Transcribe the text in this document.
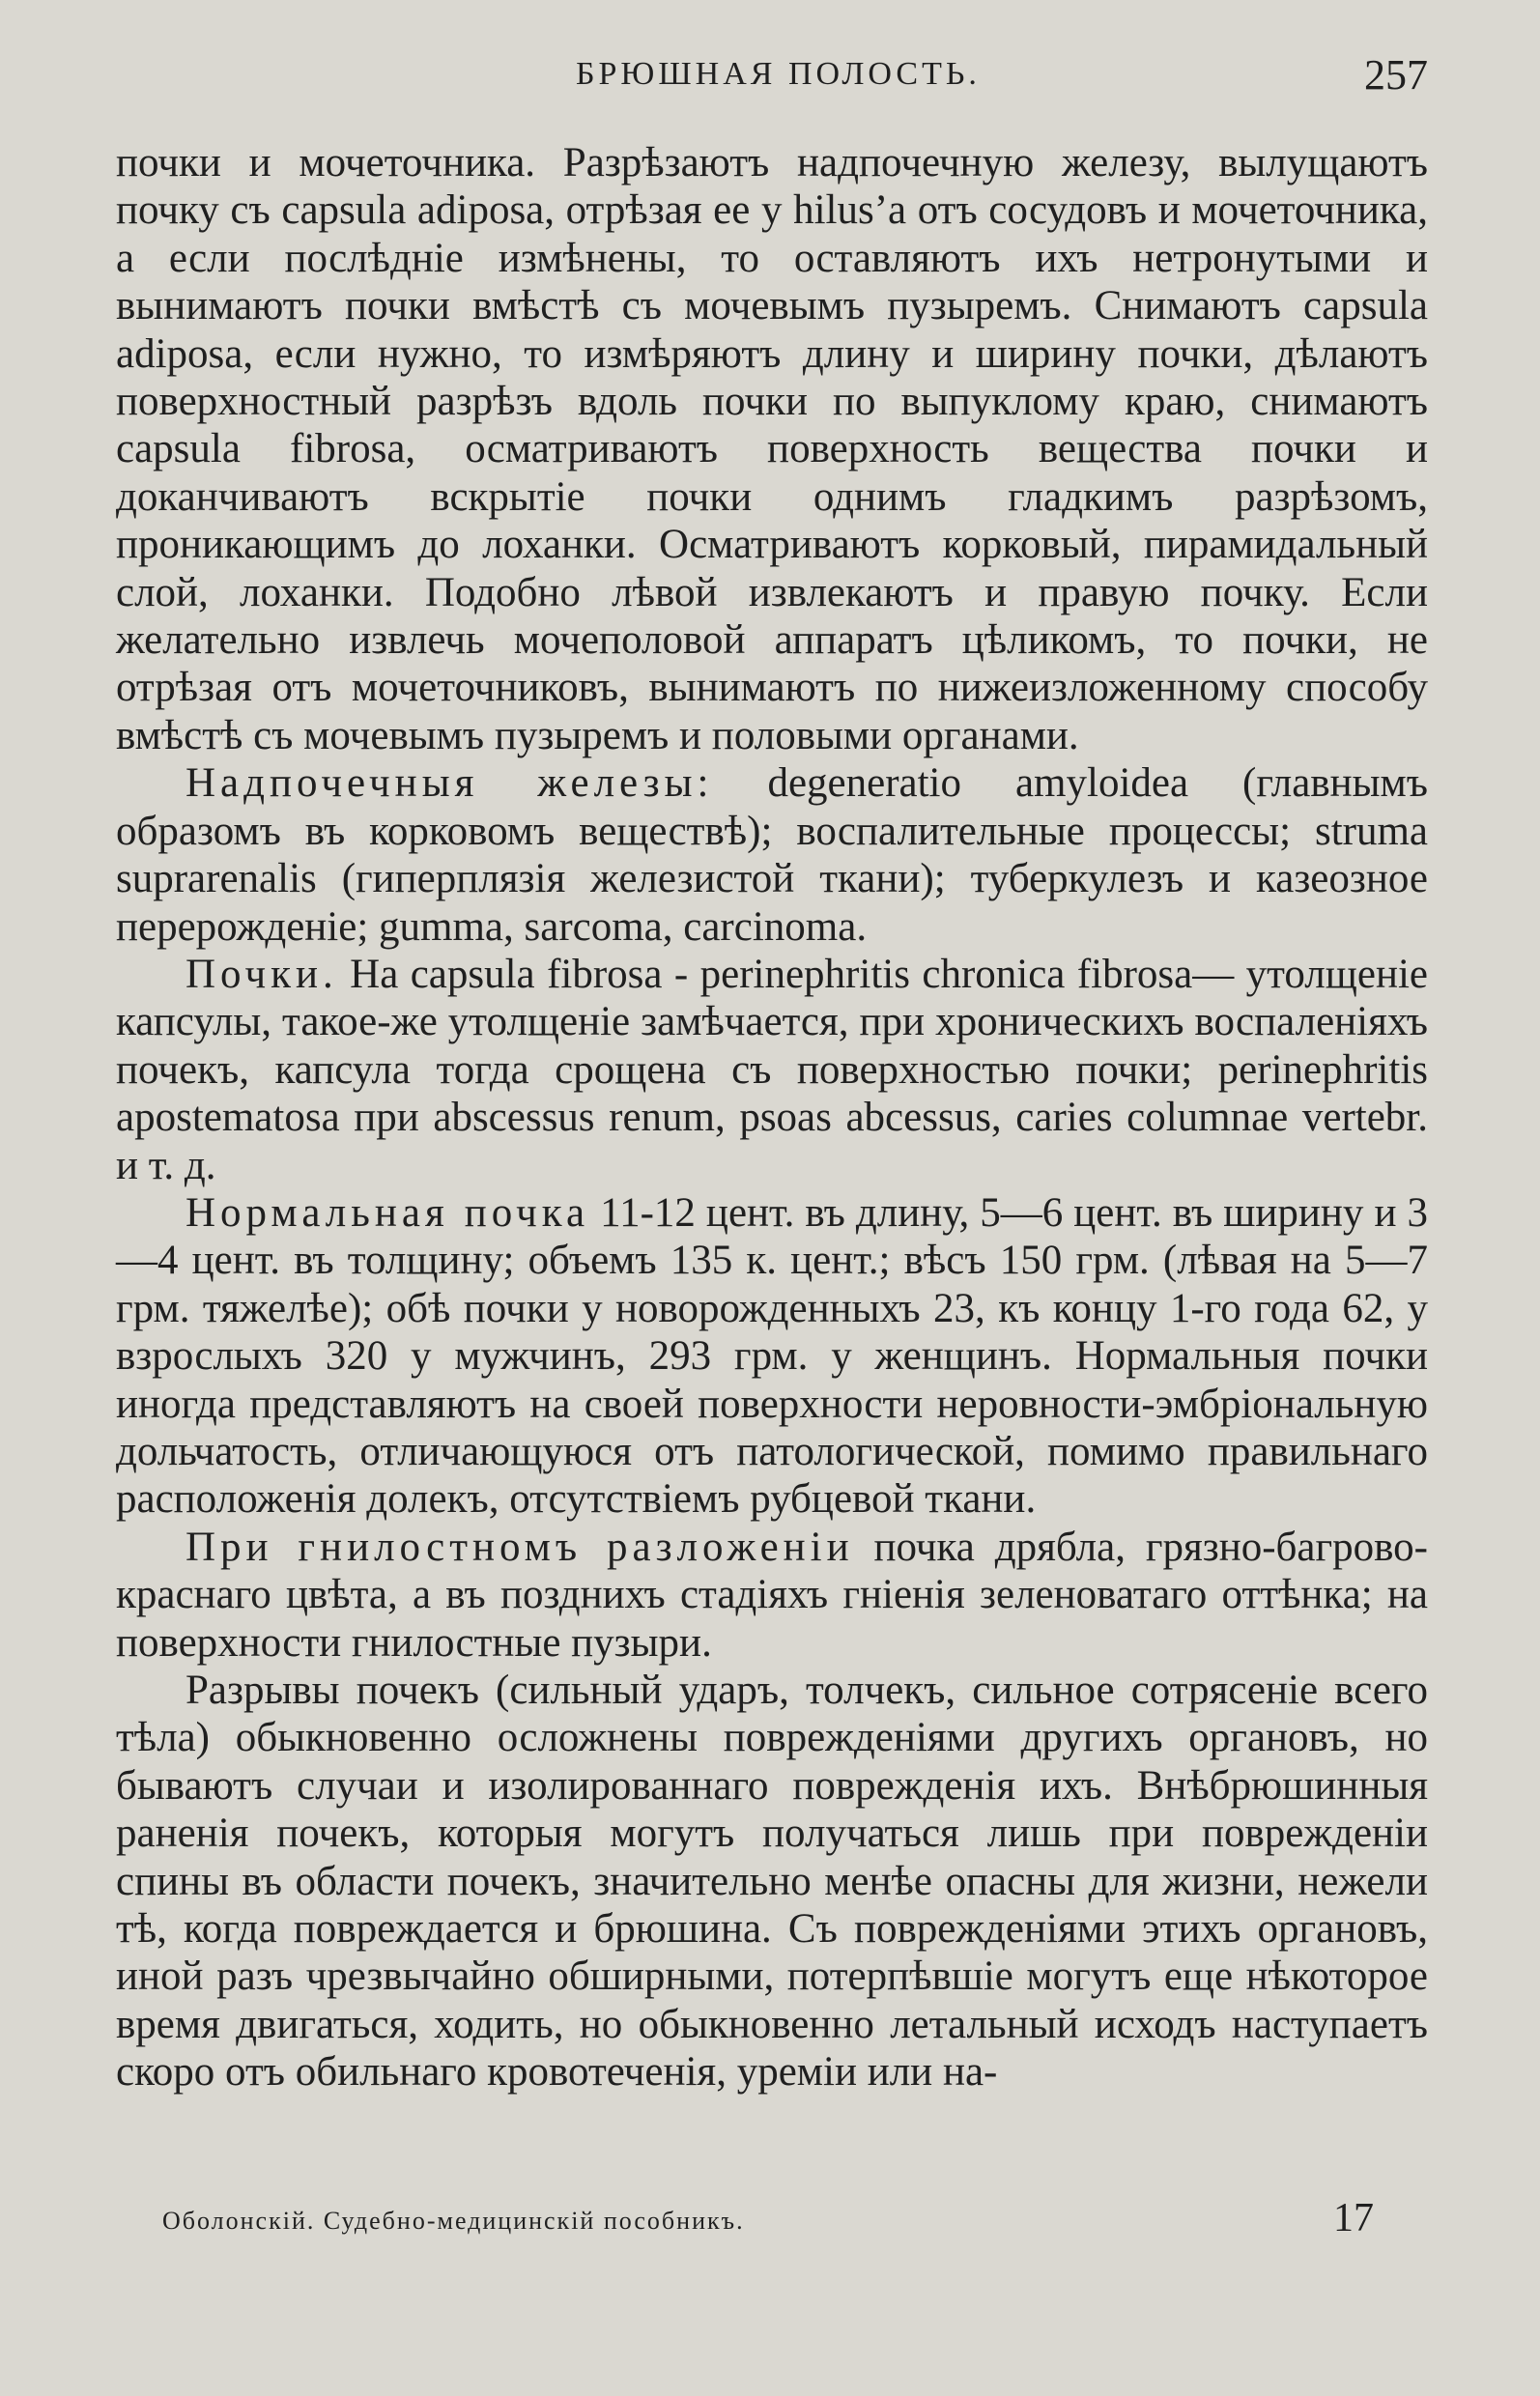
БРЮШНАЯ ПОЛОСТЬ.	257

почки и мочеточника. Разрѣзаютъ надпочечную железу, вылущаютъ почку съ capsula adiposa, отрѣзая ее у hilus’а отъ сосудовъ и мочеточника, а если послѣдніе измѣнены, то оставляютъ ихъ нетронутыми и вынимаютъ почки вмѣстѣ съ мочевымъ пузыремъ. Снимаютъ capsula adiposa, если нужно, то измѣряютъ длину и ширину почки, дѣлаютъ поверхностный разрѣзъ вдоль почки по выпуклому краю, снимаютъ capsula fibrosa, осматриваютъ поверхность вещества почки и доканчиваютъ вскрытіе почки однимъ гладкимъ разрѣзомъ, проникающимъ до лоханки. Осматриваютъ корковый, пирамидальный слой, лоханки. Подобно лѣвой извлекаютъ и правую почку. Если желательно извлечь мочеполовой аппаратъ цѣликомъ, то почки, не отрѣзая отъ мочеточниковъ, вынимаютъ по нижеизложенному способу вмѣстѣ съ мочевымъ пузыремъ и половыми органами.

Надпочечныя железы: degeneratio amyloidea (главнымъ образомъ въ корковомъ веществѣ); воспалительные процессы; struma suprarenalis (гиперплязія железистой ткани); туберкулезъ и казеозное перерожденіе; gumma, sarcoma, carcinoma.

Почки. На capsula fibrosa - perinephritis chronica fibrosa— утолщеніе капсулы, такое-же утолщеніе замѣчается, при хроническихъ воспаленіяхъ почекъ, капсула тогда срощена съ поверхностью почки; perinephritis apostematosa при abscessus renum, psoas abcessus, caries columnae vertebr. и т. д.

Нормальная почка 11-12 цент. въ длину, 5—6 цент. въ ширину и 3—4 цент. въ толщину; объемъ 135 к. цент.; вѣсъ 150 грм. (лѣвая на 5—7 грм. тяжелѣе); обѣ почки у новорожденныхъ 23, къ концу 1-го года 62, у взрослыхъ 320 у мужчинъ, 293 грм. у женщинъ. Нормальныя почки иногда представляютъ на своей поверхности неровности-эмбріональную дольчатость, отличающуюся отъ патологической, помимо правильнаго расположенія долекъ, отсутствіемъ рубцевой ткани.

При гнилостномъ разложеніи почка дрябла, грязно-багрово-краснаго цвѣта, а въ позднихъ стадіяхъ гніенія зеленоватаго оттѣнка; на поверхности гнилостные пузыри.

Разрывы почекъ (сильный ударъ, толчекъ, сильное сотрясеніе всего тѣла) обыкновенно осложнены поврежденіями другихъ органовъ, но бываютъ случаи и изолированнаго поврежденія ихъ. Внѣбрюшинныя раненія почекъ, которыя могутъ получаться лишь при поврежденіи спины въ области почекъ, значительно менѣе опасны для жизни, нежели тѣ, когда повреждается и брюшина. Съ поврежденіями этихъ органовъ, иной разъ чрезвычайно обширными, потерпѣвшіе могутъ еще нѣкоторое время двигаться, ходить, но обыкновенно летальный исходъ наступаетъ скоро отъ обильнаго кровотеченія, уреміи или на-

Оболонскій. Судебно-медицинскій пособникъ.	17
